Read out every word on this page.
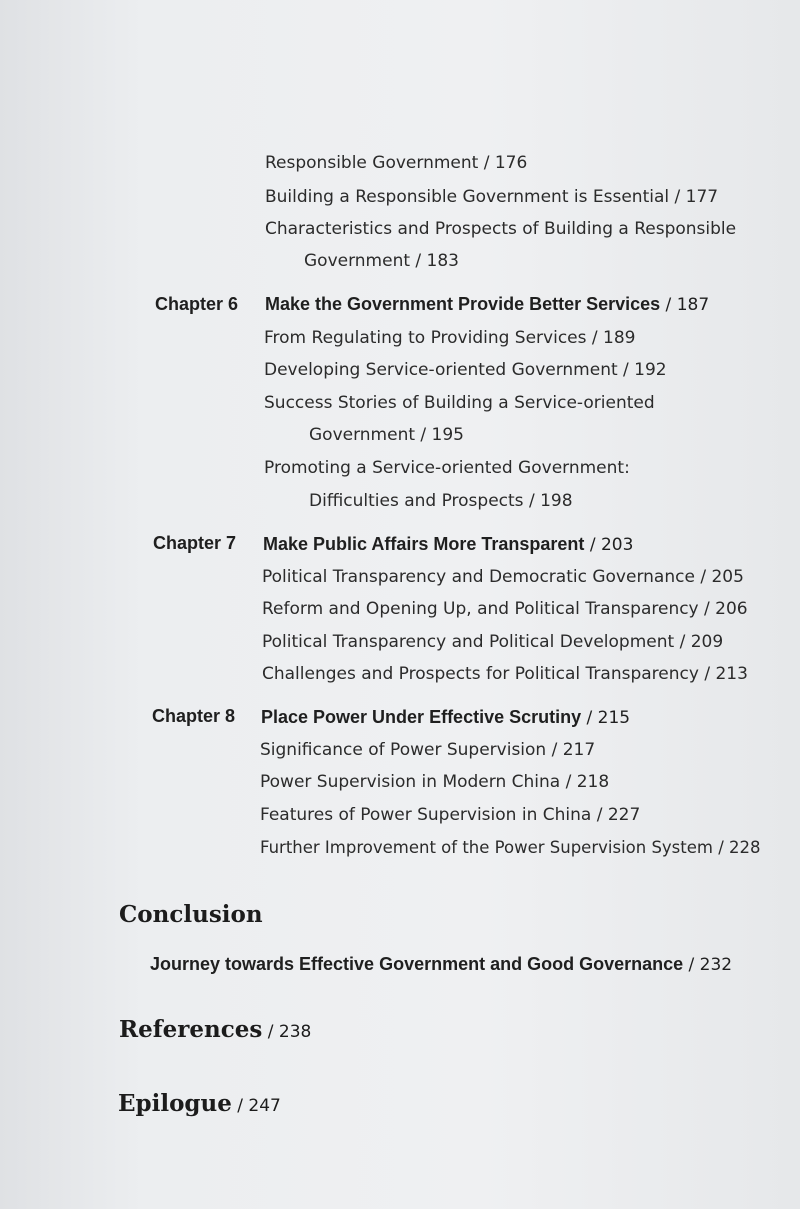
Responsible Government / 176
Building a Responsible Government is Essential / 177
Characteristics and Prospects of Building a Responsible
Government / 183
Chapter 6 Make the Government Provide Better Services / 187
From Regulating to Providing Services / 189
Developing Service-oriented Government / 192
Success Stories of Building a Service-oriented
Government / 195
Promoting a Service-oriented Government:
Difficulties and Prospects / 198
Chapter 7 Make Public Affairs More Transparent / 203
Political Transparency and Democratic Governance / 205
Reform and Opening Up, and Political Transparency / 206
Political Transparency and Political Development / 209
Challenges and Prospects for Political Transparency / 213
Chapter 8 Place Power Under Effective Scrutiny / 215
Significance of Power Supervision / 217
Power Supervision in Modern China / 218
Features of Power Supervision in China / 227
Further Improvement of the Power Supervision System / 228
Conclusion
Journey towards Effective Government and Good Governance / 232
References / 238
Epilogue / 247
